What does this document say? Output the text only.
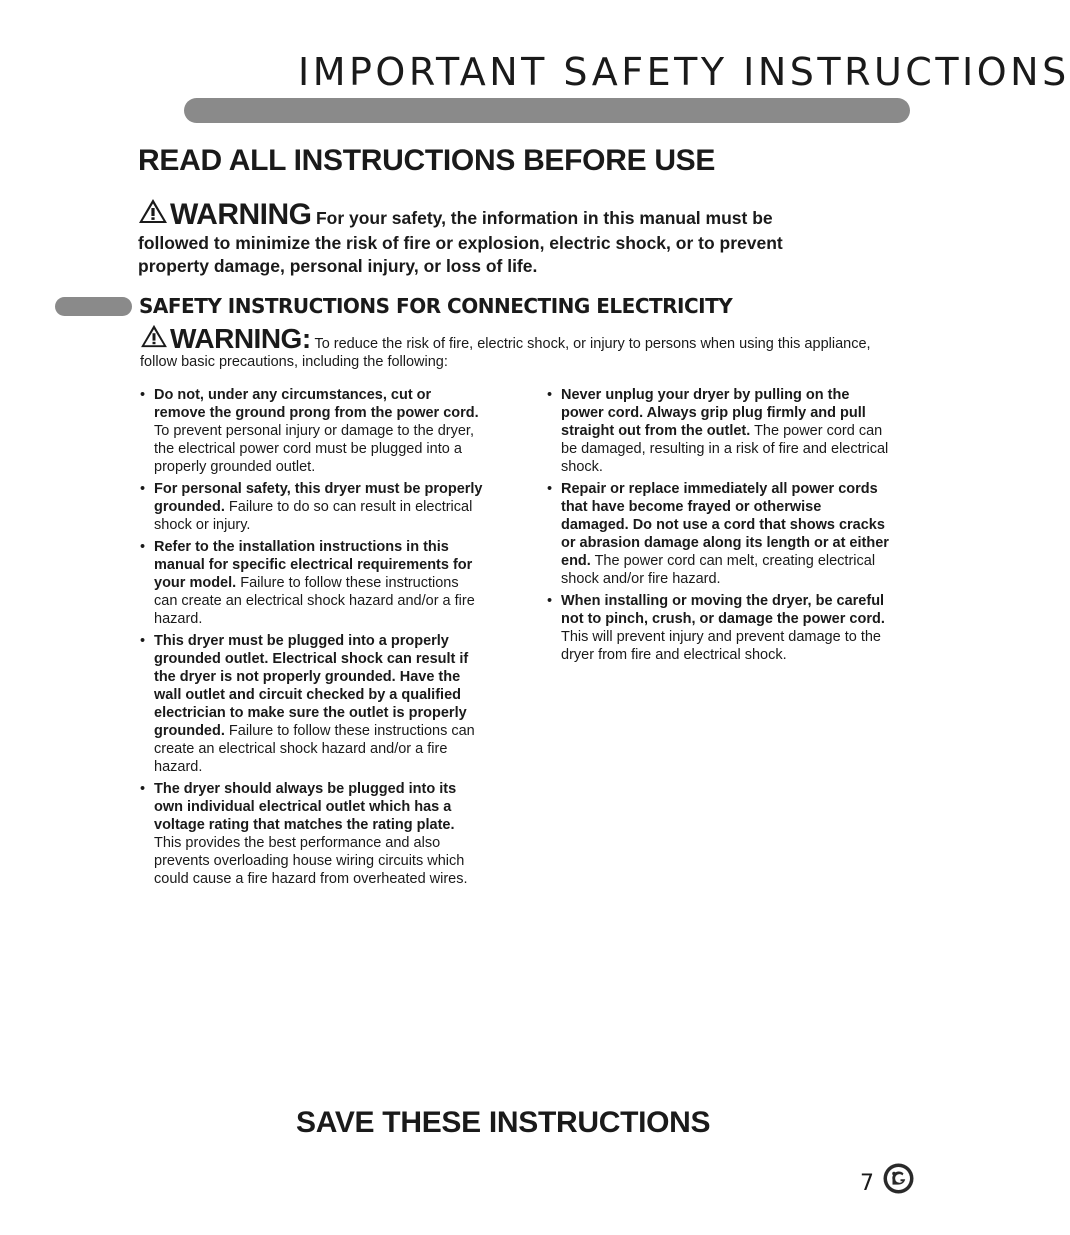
IMPORTANT SAFETY INSTRUCTIONS
READ ALL INSTRUCTIONS BEFORE USE
WARNING For your safety, the information in this manual must be followed to minimize the risk of fire or explosion, electric shock, or to prevent property damage, personal injury, or loss of life.
SAFETY INSTRUCTIONS FOR CONNECTING ELECTRICITY
WARNING: To reduce the risk of fire, electric shock, or injury to persons when using this appliance, follow basic precautions, including the following:
• Do not, under any circumstances, cut or remove the ground prong from the power cord. To prevent personal injury or damage to the dryer, the electrical power cord must be plugged into a properly grounded outlet.
• For personal safety, this dryer must be properly grounded. Failure to do so can result in electrical shock or injury.
• Refer to the installation instructions in this manual for specific electrical requirements for your model. Failure to follow these instructions can create an electrical shock hazard and/or a fire hazard.
• This dryer must be plugged into a properly grounded outlet. Electrical shock can result if the dryer is not properly grounded. Have the wall outlet and circuit checked by a qualified electrician to make sure the outlet is properly grounded. Failure to follow these instructions can create an electrical shock hazard and/or a fire hazard.
• The dryer should always be plugged into its own individual electrical outlet which has a voltage rating that matches the rating plate. This provides the best performance and also prevents overloading house wiring circuits which could cause a fire hazard from overheated wires.
• Never unplug your dryer by pulling on the power cord. Always grip plug firmly and pull straight out from the outlet. The power cord can be damaged, resulting in a risk of fire and electrical shock.
• Repair or replace immediately all power cords that have become frayed or otherwise damaged. Do not use a cord that shows cracks or abrasion damage along its length or at either end. The power cord can melt, creating electrical shock and/or fire hazard.
• When installing or moving the dryer, be careful not to pinch, crush, or damage the power cord. This will prevent injury and prevent damage to the dryer from fire and electrical shock.
SAVE THESE INSTRUCTIONS
7
